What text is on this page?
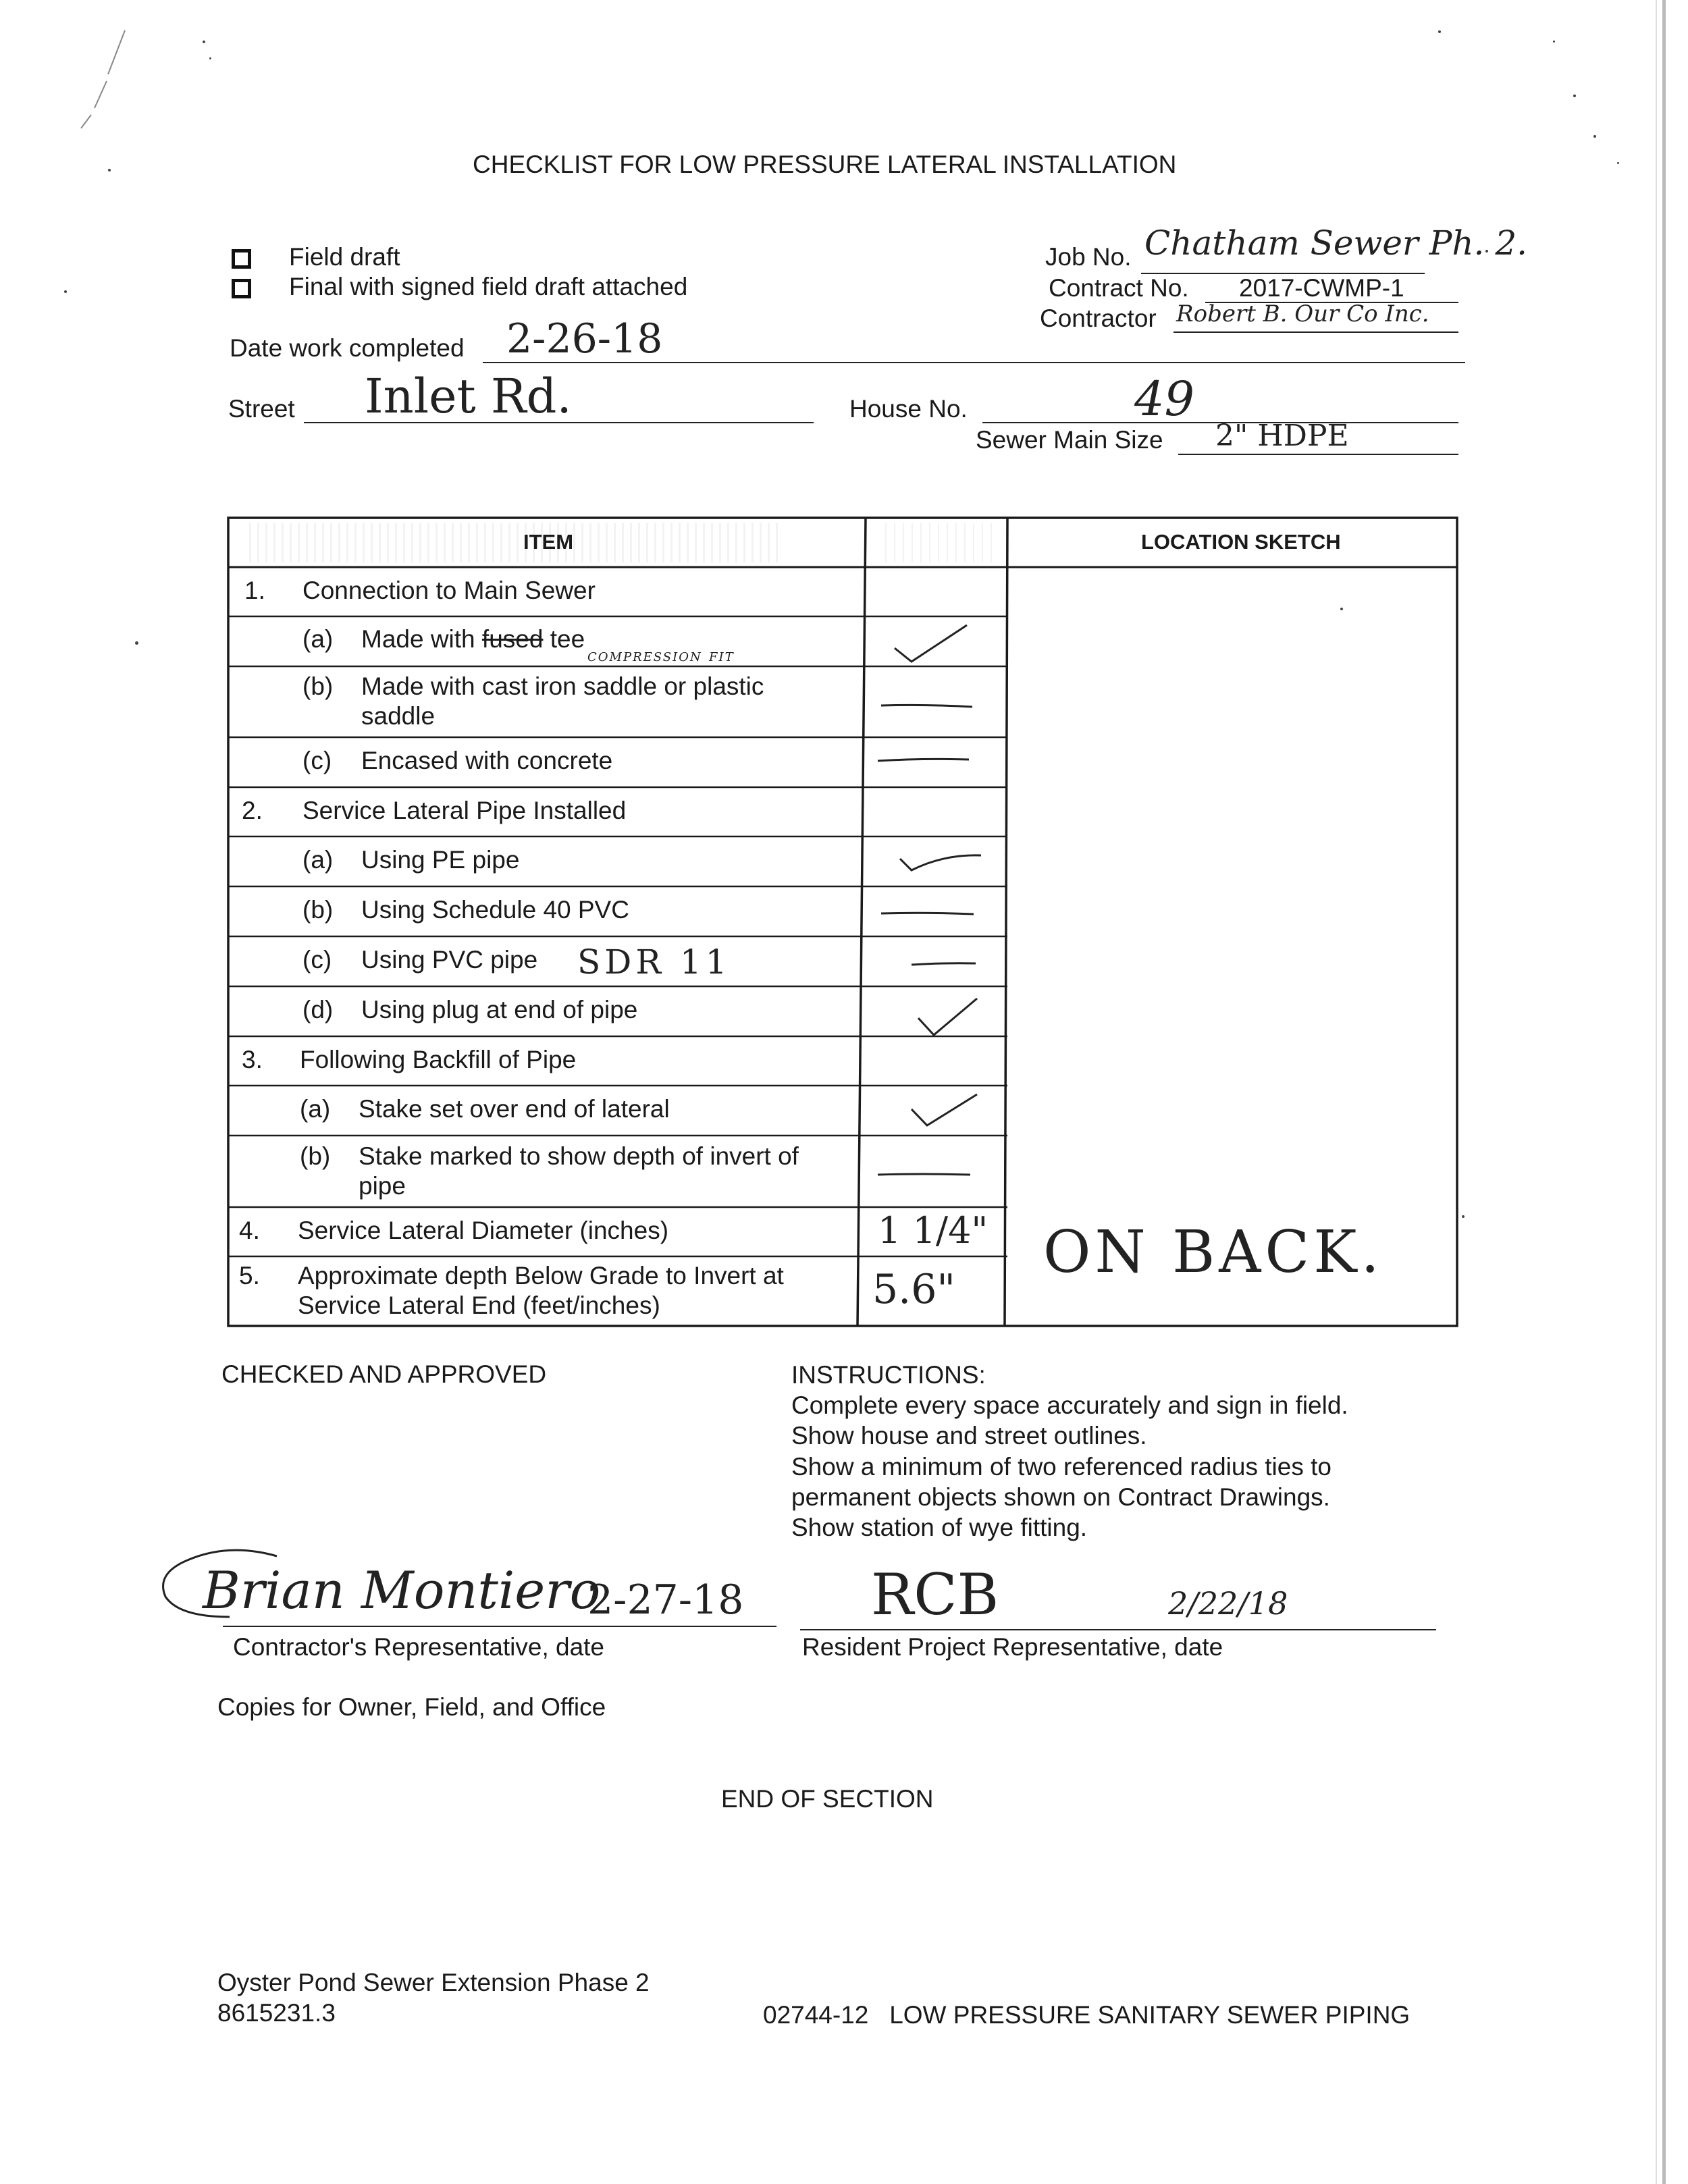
CHECKLIST FOR LOW PRESSURE LATERAL INSTALLATION
Field draft
Final with signed field draft attached
Job No. Chatham Sewer Ph. 2.
Contract No. 2017-CWMP-1
Contractor Robert B. Our Co Inc.
Date work completed 2-26-18
Street Inlet Rd.	House No.	49
Sewer Main Size 2" HDPE
ITEM	LOCATION SKETCH
1. Connection to Main Sewer
(a) Made with fused tee
compression fit
(b) Made with cast iron saddle or plastic
saddle
(c) Encased with concrete
2. Service Lateral Pipe Installed
(a) Using PE pipe
(b) Using Schedule 40 PVC
(c) Using PVC pipe SDR 11
(d) Using plug at end of pipe
3. Following Backfill of Pipe
(a) Stake set over end of lateral
(b) Stake marked to show depth of invert of
pipe
4. Service Lateral Diameter (inches)	1 1/4"
5. Approximate depth Below Grade to Invert at
Service Lateral End (feet/inches)	5.6"
ON BACK.
CHECKED AND APPROVED	INSTRUCTIONS:
Complete every space accurately and sign in field.
Show house and street outlines.
Show a minimum of two referenced radius ties to
permanent objects shown on Contract Drawings.
Show station of wye fitting.
Brian Montiero
2-27-18
Contractor's Representative, date
RCB	2/22/18
Resident Project Representative, date
Copies for Owner, Field, and Office
END OF SECTION
Oyster Pond Sewer Extension Phase 2
8615231.3	02744-12   LOW PRESSURE SANITARY SEWER PIPING
